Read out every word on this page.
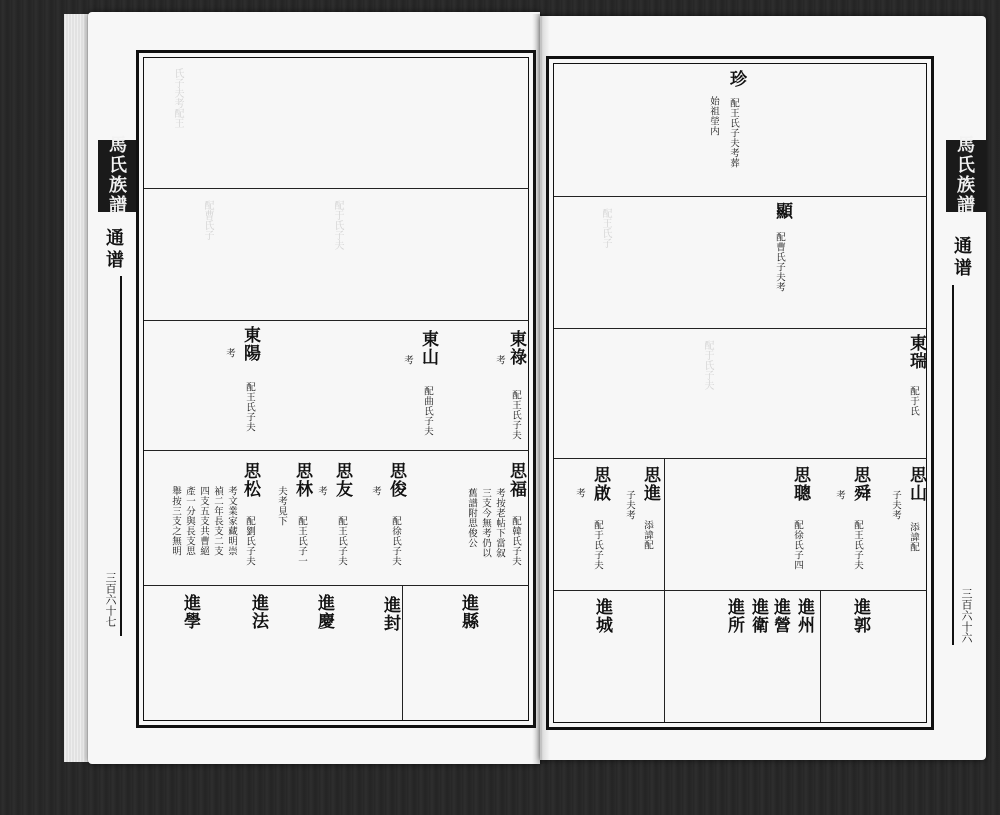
馬
氏
族
譜
通
谱
三百六十七
馬
氏
族
譜
通
谱
三百六十六
氏子夫考配王
配于氏子夫
配曹氏子
東祿
配王氏子夫
考
東山
配曲氏子夫
考
東陽
配王氏子夫
考
思福
配韓氏子夫
考按老帖下當叙
三支今無考仍以
舊譜附思俊公
思俊
配徐氏子夫
考
思友
配王氏子夫
考
思林
配王氏子一
夫考見下
思松
配劉氏子夫
考文業家藏明崇
禎二年長支二支
四支五支共曹絕
產一分與長支思
舉按三支之無明
進縣
進封
進慶
進法
進學
配王氏子
配于氏子夫
珍
配王氏子夫考葬
始祖塋内
顯
配曹氏子夫考
東瑞
配于氏
思山
添諱配
子夫考
思舜
配王氏子夫
考
思聰
配徐氏子四
思進
添諱配
子夫考
思啟
配于氏子夫
考
進郭
進州
進營
進衛
進所
進城
